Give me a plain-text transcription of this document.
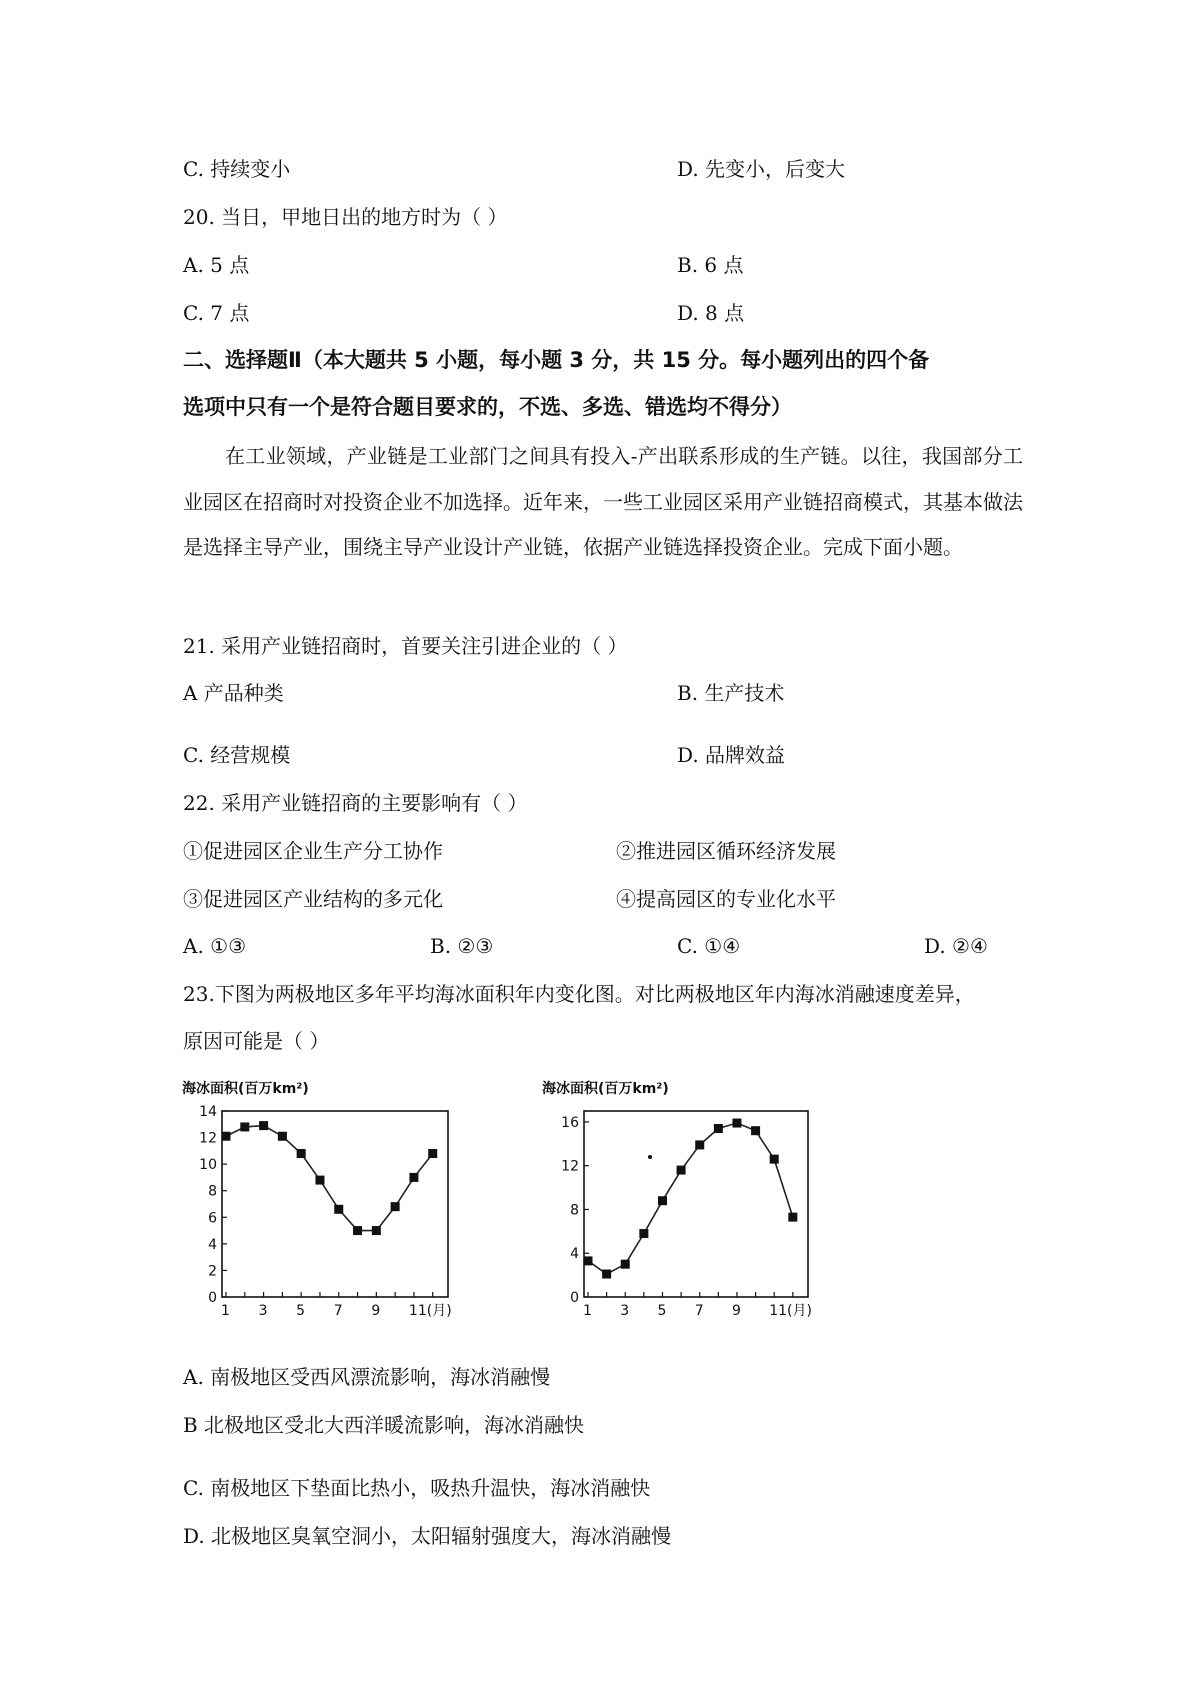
C. 持续变小	D. 先变小，后变大
20. 当日，甲地日出的地方时为（ ）
A. 5 点	B. 6 点
C. 7 点	D. 8 点
二、选择题Ⅱ（本大题共 5 小题，每小题 3 分，共 15 分。每小题列出的四个备
选项中只有一个是符合题目要求的，不选、多选、错选均不得分）
在工业领域，产业链是工业部门之间具有投入-产出联系形成的生产链。以往，我国部分工业园区在招商时对投资企业不加选择。近年来，一些工业园区采用产业链招商模式，其基本做法是选择主导产业，围绕主导产业设计产业链，依据产业链选择投资企业。完成下面小题。
21. 采用产业链招商时，首要关注引进企业的（ ）
A 产品种类	B. 生产技术
C. 经营规模	D. 品牌效益
22. 采用产业链招商的主要影响有（ ）
①促进园区企业生产分工协作	②推进园区循环经济发展
③促进园区产业结构的多元化	④提高园区的专业化水平
A. ①③	B. ②③	C. ①④	D. ②④
23.下图为两极地区多年平均海冰面积年内变化图。对比两极地区年内海冰消融速度差异，
原因可能是（ ）
海冰面积(百万km²)
0
2
4
6
8
10
12
14
1 3 5 7 9 11(月)
海冰面积(百万km²)
0
4
8
12
16
1 3 5 7 9 11(月)
A. 南极地区受西风漂流影响，海冰消融慢
B 北极地区受北大西洋暖流影响，海冰消融快
C. 南极地区下垫面比热小，吸热升温快，海冰消融快
D. 北极地区臭氧空洞小，太阳辐射强度大，海冰消融慢
